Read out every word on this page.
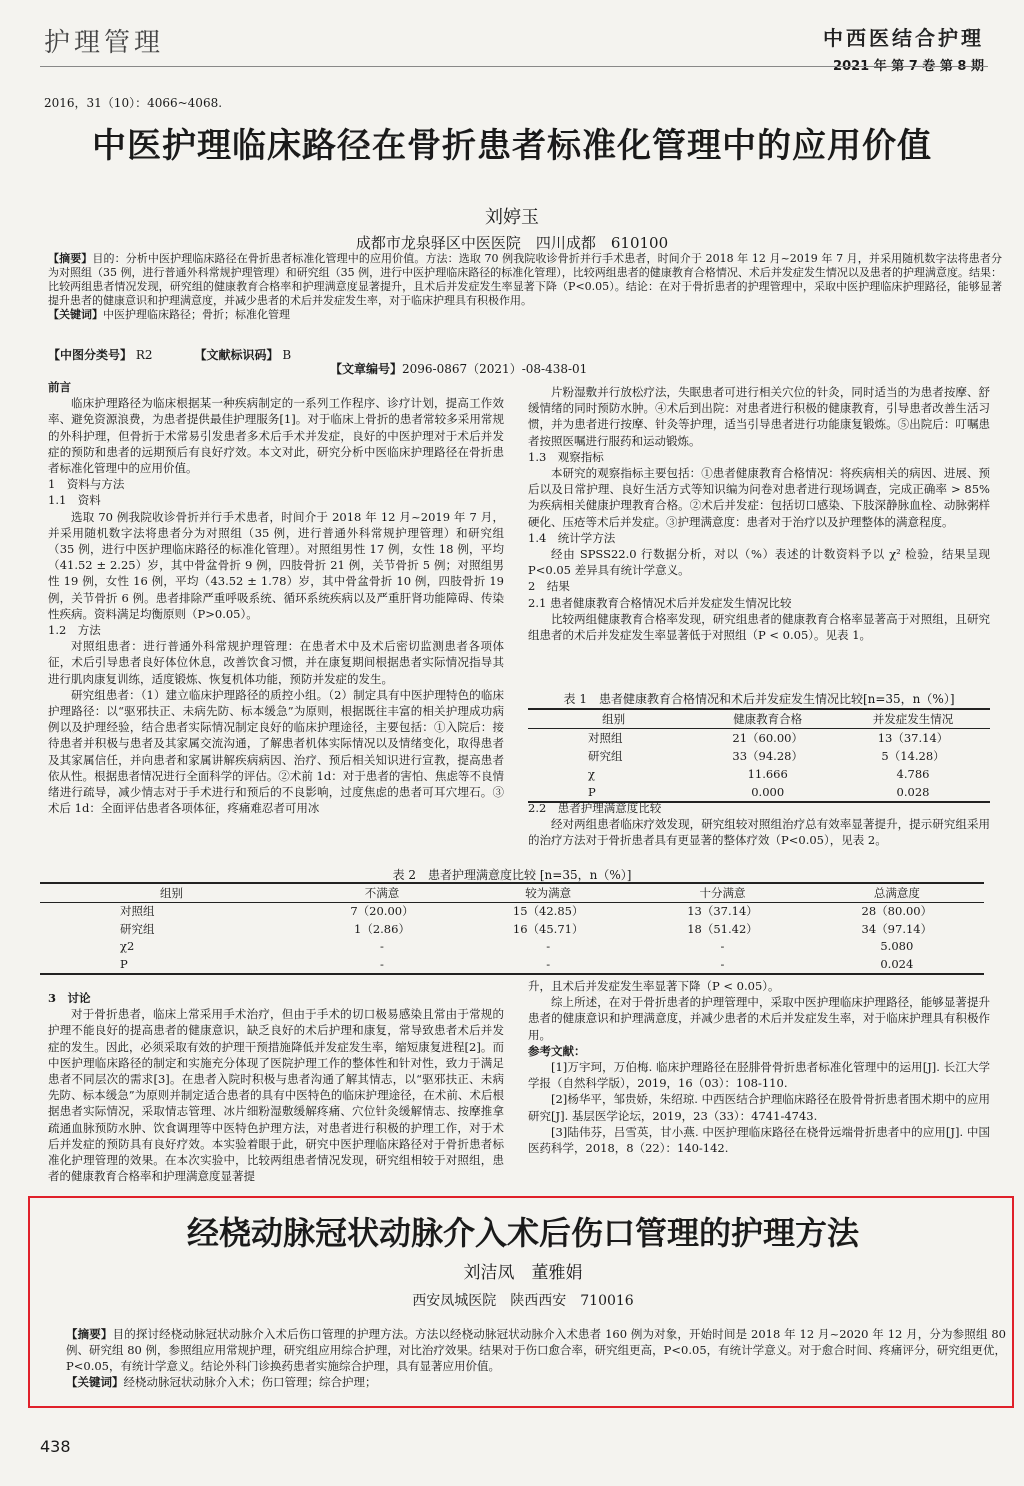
护理管理	中西医结合护理
2021 年 第 7 卷 第 8 期
2016，31（10）：4066~4068.
中医护理临床路径在骨折患者标准化管理中的应用价值
刘婷玉
成都市龙泉驿区中医医院　四川成都　610100
【摘要】目的：分析中医护理临床路径在骨折患者标准化管理中的应用价值。方法：选取 70 例我院收诊骨折并行手术患者，时间介于 2018 年 12 月~2019 年 7 月，并采用随机数字法将患者分为对照组（35 例，进行普通外科常规护理管理）和研究组（35 例，进行中医护理临床路径的标准化管理），比较两组患者的健康教育合格情况、术后并发症发生情况以及患者的护理满意度。结果：比较两组患者情况发现，研究组的健康教育合格率和护理满意度显著提升，且术后并发症发生率显著下降（P<0.05）。结论：在对于骨折患者的护理管理中，采取中医护理临床护理路径，能够显著提升患者的健康意识和护理满意度，并减少患者的术后并发症发生率，对于临床护理具有积极作用。
【关键词】中医护理临床路径；骨折；标准化管理
【中图分类号】 R2　　　　	【文献标识码】 B
【文章编号】2096-0867（2021）-08-438-01

前言

临床护理路径为临床根据某一种疾病制定的一系列工作程序、诊疗计划，提高工作效率、避免资源浪费，为患者提供最佳护理服务[1]。对于临床上骨折的患者常较多采用常规的外科护理，但骨折于术常易引发患者多术后手术并发症，良好的中医护理对于术后并发症的预防和患者的远期预后有良好疗效。本文对此，研究分析中医临床护理路径在骨折患者标准化管理中的应用价值。

1　资料与方法

1.1　资料

选取 70 例我院收诊骨折并行手术患者，时间介于 2018 年 12 月~2019 年 7 月，并采用随机数字法将患者分为对照组（35 例，进行普通外科常规护理管理）和研究组（35 例，进行中医护理临床路径的标准化管理）。对照组男性 17 例，女性 18 例，平均（41.52 ± 2.25）岁，其中骨盆骨折 9 例，四肢骨折 21 例，关节骨折 5 例；对照组男性 19 例，女性 16 例，平均（43.52 ± 1.78）岁，其中骨盆骨折 10 例，四肢骨折 19 例，关节骨折 6 例。患者排除严重呼吸系统、循环系统疾病以及严重肝肾功能障碍、传染性疾病。资料满足均衡原则（P>0.05）。

1.2　方法

对照组患者：进行普通外科常规护理管理：在患者术中及术后密切监测患者各项体征，术后引导患者良好体位休息，改善饮食习惯，并在康复期间根据患者实际情况指导其进行肌肉康复训练，适度锻炼、恢复机体功能，预防并发症的发生。

研究组患者：（1）建立临床护理路径的质控小组。（2）制定具有中医护理特色的临床护理路径：以“驱邪扶正、未病先防、标本缓急”为原则，根据既往丰富的相关护理成功病例以及护理经验，结合患者实际情况制定良好的临床护理途径，主要包括：①入院后：接待患者并积极与患者及其家属交流沟通，了解患者机体实际情况以及情绪变化，取得患者及其家属信任，并向患者和家属讲解疾病病因、治疗、预后相关知识进行宣教，提高患者依从性。根据患者情况进行全面科学的评估。②术前 1d：对于患者的害怕、焦虑等不良情绪进行疏导，减少情志对于手术进行和预后的不良影响，过度焦虑的患者可耳穴埋石。③术后 1d：全面评估患者各项体征，疼痛难忍者可用冰

片粉湿敷并行放松疗法，失眠患者可进行相关穴位的针灸，同时适当的为患者按摩、舒缓情绪的同时预防水肿。④术后到出院：对患者进行积极的健康教育，引导患者改善生活习惯，并为患者进行按摩、针灸等护理，适当引导患者进行功能康复锻炼。⑤出院后：叮嘱患者按照医嘱进行服药和运动锻炼。

1.3　观察指标

本研究的观察指标主要包括：①患者健康教育合格情况：将疾病相关的病因、进展、预后以及日常护理、良好生活方式等知识编为问卷对患者进行现场调查，完成正确率 > 85% 为疾病相关健康护理教育合格。②术后并发症：包括切口感染、下肢深静脉血栓、动脉粥样硬化、压疮等术后并发症。③护理满意度：患者对于治疗以及护理整体的满意程度。

1.4　统计学方法

经由 SPSS22.0 行数据分析，对以（%）表述的计数资料予以 χ² 检验，结果呈现 P<0.05 差异具有统计学意义。

2　结果

2.1 患者健康教育合格情况术后并发症发生情况比较

比较两组健康教育合格率发现，研究组患者的健康教育合格率显著高于对照组，且研究组患者的术后并发症发生率显著低于对照组（P < 0.05）。见表 1。

表 1　患者健康教育合格情况和术后并发症发生情况比较[n=35，n（%）]
组别	健康教育合格	并发症发生情况
对照组	21（60.00）	13（37.14）
研究组	33（94.28）	5（14.28）
χ	11.666	4.786
P	0.000	0.028

2.2　患者护理满意度比较

经对两组患者临床疗效发现，研究组较对照组治疗总有效率显著提升，提示研究组采用的治疗方法对于骨折患者具有更显著的整体疗效（P<0.05），见表 2。

表 2　患者护理满意度比较 [n=35，n（%）]
组别	不满意	较为满意	十分满意	总满意度
对照组	7（20.00）	15（42.85）	13（37.14）	28（80.00）
研究组	1（2.86）	16（45.71）	18（51.42）	34（97.14）
χ2	-	-	-	5.080
P	-	-	-	0.024

3　讨论

对于骨折患者，临床上常采用手术治疗，但由于手术的切口极易感染且常由于常规的护理不能良好的提高患者的健康意识，缺乏良好的术后护理和康复，常导致患者术后并发症的发生。因此，必须采取有效的护理干预措施降低并发症发生率，缩短康复进程[2]。而中医护理临床路径的制定和实施充分体现了医院护理工作的整体性和针对性，致力于满足患者不同层次的需求[3]。在患者入院时积极与患者沟通了解其情志，以“驱邪扶正、未病先防、标本缓急”为原则并制定适合患者的具有中医特色的临床护理途径，在术前、术后根据患者实际情况，采取情志管理、冰片细粉湿敷缓解疼痛、穴位针灸缓解情志、按摩推拿疏通血脉预防水肿、饮食调理等中医特色护理方法，对患者进行积极的护理工作，对于术后并发症的预防具有良好疗效。本实验着眼于此，研究中医护理临床路径对于骨折患者标准化护理管理的效果。在本次实验中，比较两组患者情况发现，研究组相较于对照组，患者的健康教育合格率和护理满意度显著提

升，且术后并发症发生率显著下降（P < 0.05）。

综上所述，在对于骨折患者的护理管理中，采取中医护理临床护理路径，能够显著提升患者的健康意识和护理满意度，并减少患者的术后并发症发生率，对于临床护理具有积极作用。

参考文献：

[1]万宇珂，万伯梅. 临床护理路径在胫腓骨骨折患者标准化管理中的运用[J]. 长江大学学报（自然科学版），2019，16（03）：108-110.

[2]杨华平，邹贵娇，朱绍琼. 中西医结合护理临床路径在股骨骨折患者围术期中的应用研究[J]. 基层医学论坛，2019，23（33）：4741-4743.

[3]陆伟芬，吕雪英，甘小燕. 中医护理临床路径在桡骨远端骨折患者中的应用[J]. 中国医药科学，2018，8（22）：140-142.

经桡动脉冠状动脉介入术后伤口管理的护理方法
刘洁凤　董雅娟
西安凤城医院　陕西西安　710016

【摘要】目的探讨经桡动脉冠状动脉介入术后伤口管理的护理方法。方法以经桡动脉冠状动脉介入术患者 160 例为对象，开始时间是 2018 年 12 月~2020 年 12 月，分为参照组 80 例、研究组 80 例，参照组应用常规护理，研究组应用综合护理，对比治疗效果。结果对于伤口愈合率，研究组更高，P<0.05，有统计学意义。对于愈合时间、疼痛评分，研究组更优，P<0.05，有统计学意义。结论外科门诊换药患者实施综合护理，具有显著应用价值。

【关键词】经桡动脉冠状动脉介入术；伤口管理；综合护理；

438
